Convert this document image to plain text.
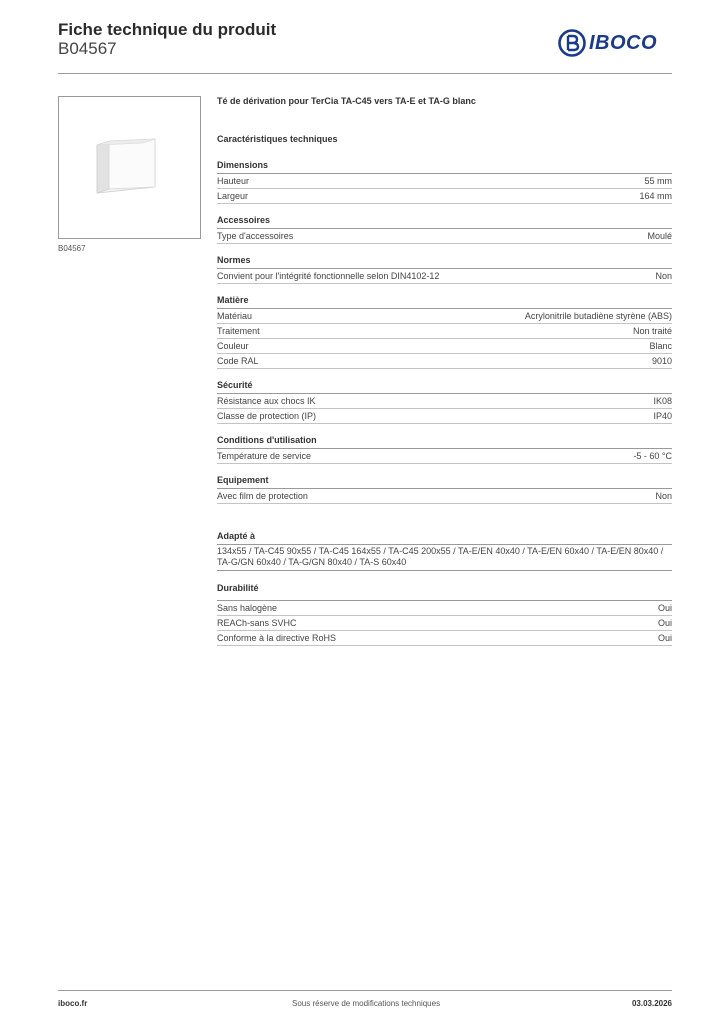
Fiche technique du produit
B04567	IBOCO
B04567
Té de dérivation pour TerCia TA-C45 vers TA-E et TA-G blanc
Caractéristiques techniques
Dimensions
Hauteur	55 mm
Largeur	164 mm
Accessoires
Type d'accessoires	Moulé
Normes
Convient pour l'intégrité fonctionnelle selon DIN4102-12	Non
Matière
Matériau	Acrylonitrile butadiène styrène (ABS)
Traitement	Non traité
Couleur	Blanc
Code RAL	9010
Sécurité
Résistance aux chocs IK	IK08
Classe de protection (IP)	IP40
Conditions d'utilisation
Température de service	-5 - 60 °C
Equipement
Avec film de protection	Non
Adapté à
134x55 / TA-C45 90x55 / TA-C45 164x55 / TA-C45 200x55 / TA-E/EN 40x40 / TA-E/EN 60x40 / TA-E/EN 80x40 / TA-G/GN 60x40 / TA-G/GN 80x40 / TA-S 60x40
Durabilité
Sans halogène	Oui
REACh-sans SVHC	Oui
Conforme à la directive RoHS	Oui
iboco.fr	Sous réserve de modifications techniques	03.03.2026
